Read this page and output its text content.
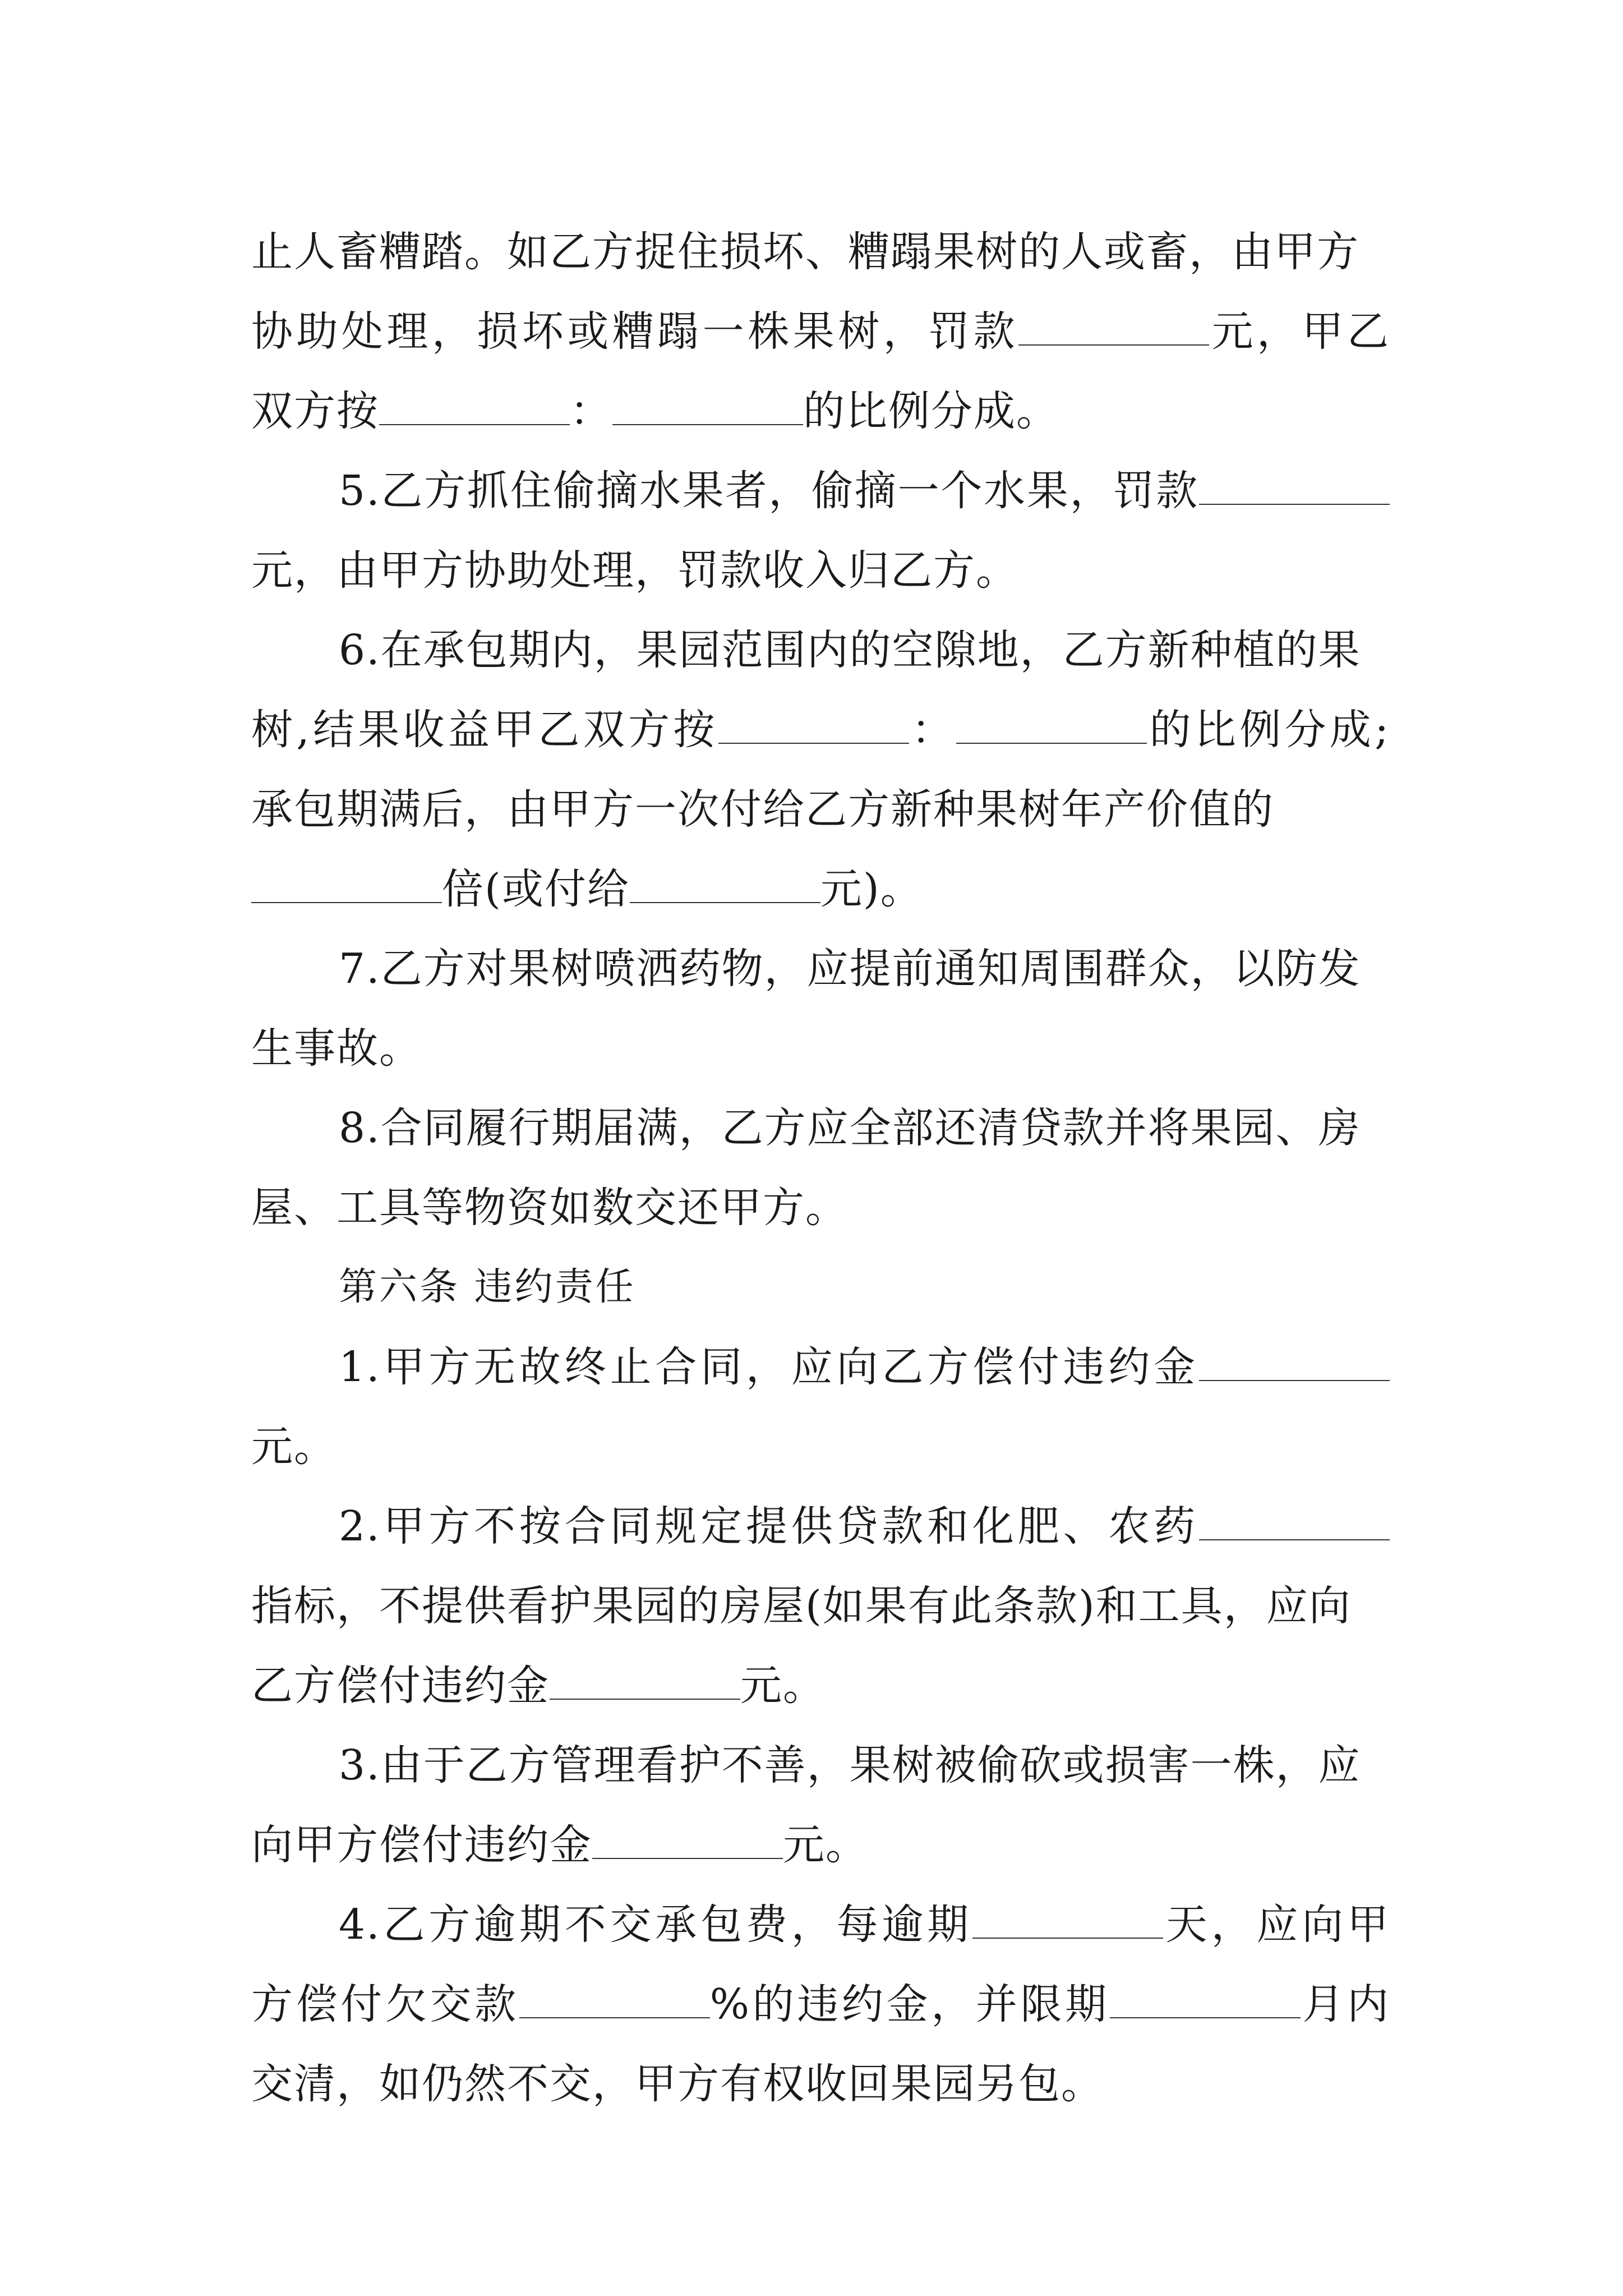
止人畜糟踏。如乙方捉住损坏、糟蹋果树的人或畜，由甲方
协助处理，损坏或糟蹋一株果树，罚款	元，甲乙
双方按	：	的比例分成。
5.乙方抓住偷摘水果者，偷摘一个水果，罚款
元，由甲方协助处理，罚款收入归乙方。
6.在承包期内，果园范围内的空隙地，乙方新种植的果
树,结果收益甲乙双方按	：	的比例分成;
承包期满后，由甲方一次付给乙方新种果树年产价值的
倍(或付给	元)。
7.乙方对果树喷洒药物，应提前通知周围群众，以防发
生事故。
8.合同履行期届满，乙方应全部还清贷款并将果园、房
屋、工具等物资如数交还甲方。
第六条 违约责任
1.甲方无故终止合同，应向乙方偿付违约金
元。
2.甲方不按合同规定提供贷款和化肥、农药
指标，不提供看护果园的房屋(如果有此条款)和工具，应向
乙方偿付违约金	元。
3.由于乙方管理看护不善，果树被偷砍或损害一株，应
向甲方偿付违约金	元。
4.乙方逾期不交承包费，每逾期	天，应向甲
方偿付欠交款	%的违约金，并限期	月内
交清，如仍然不交，甲方有权收回果园另包。
